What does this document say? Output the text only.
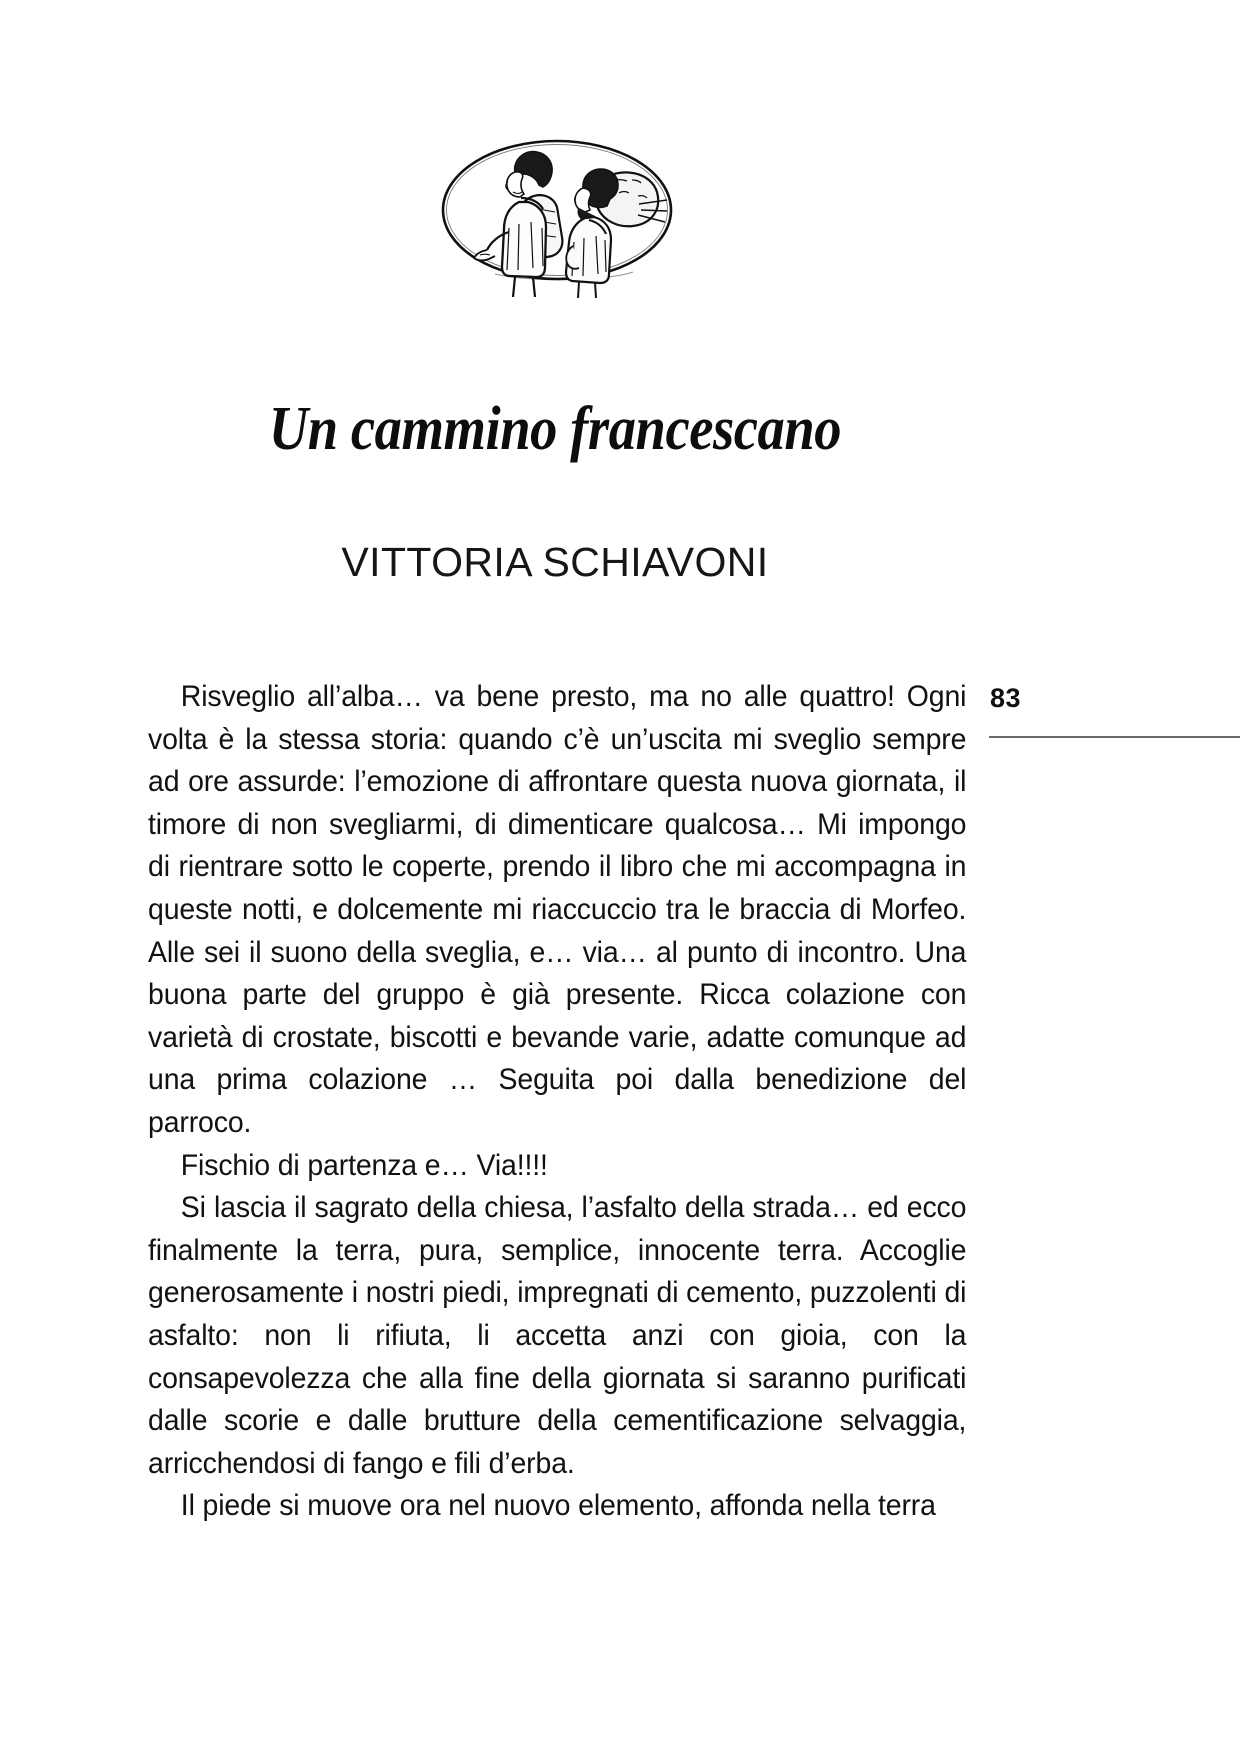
Un cammino francescano
VITTORIA SCHIAVONI
83

Risveglio all’alba… va bene presto, ma no alle quattro! Ogni volta è la stessa storia: quando c’è un’uscita mi sveglio sempre ad ore assurde: l’emozione di affrontare questa nuova giornata, il timore di non svegliarmi, di dimenticare qualcosa… Mi impongo di rientrare sotto le coperte, prendo il libro che mi accompagna in queste notti, e dolcemente mi riaccuccio tra le braccia di Morfeo. Alle sei il suono della sveglia, e… via… al punto di incontro. Una buona parte del gruppo è già presente. Ricca colazione con varietà di crostate, biscotti e bevande varie, adatte comunque ad una prima colazione … Seguita poi dalla benedizione del parroco.

Fischio di partenza e… Via!!!!

Si lascia il sagrato della chiesa, l’asfalto della strada… ed ecco finalmente la terra, pura, semplice, innocente terra. Accoglie generosamente i nostri piedi, impregnati di cemento, puzzolenti di asfalto: non li rifiuta, li accetta anzi con gioia, con la consapevolezza che alla fine della giornata si saranno purificati dalle scorie e dalle brutture della cementificazione selvaggia, arricchendosi di fango e fili d’erba.

Il piede si muove ora nel nuovo elemento, affonda nella terra
